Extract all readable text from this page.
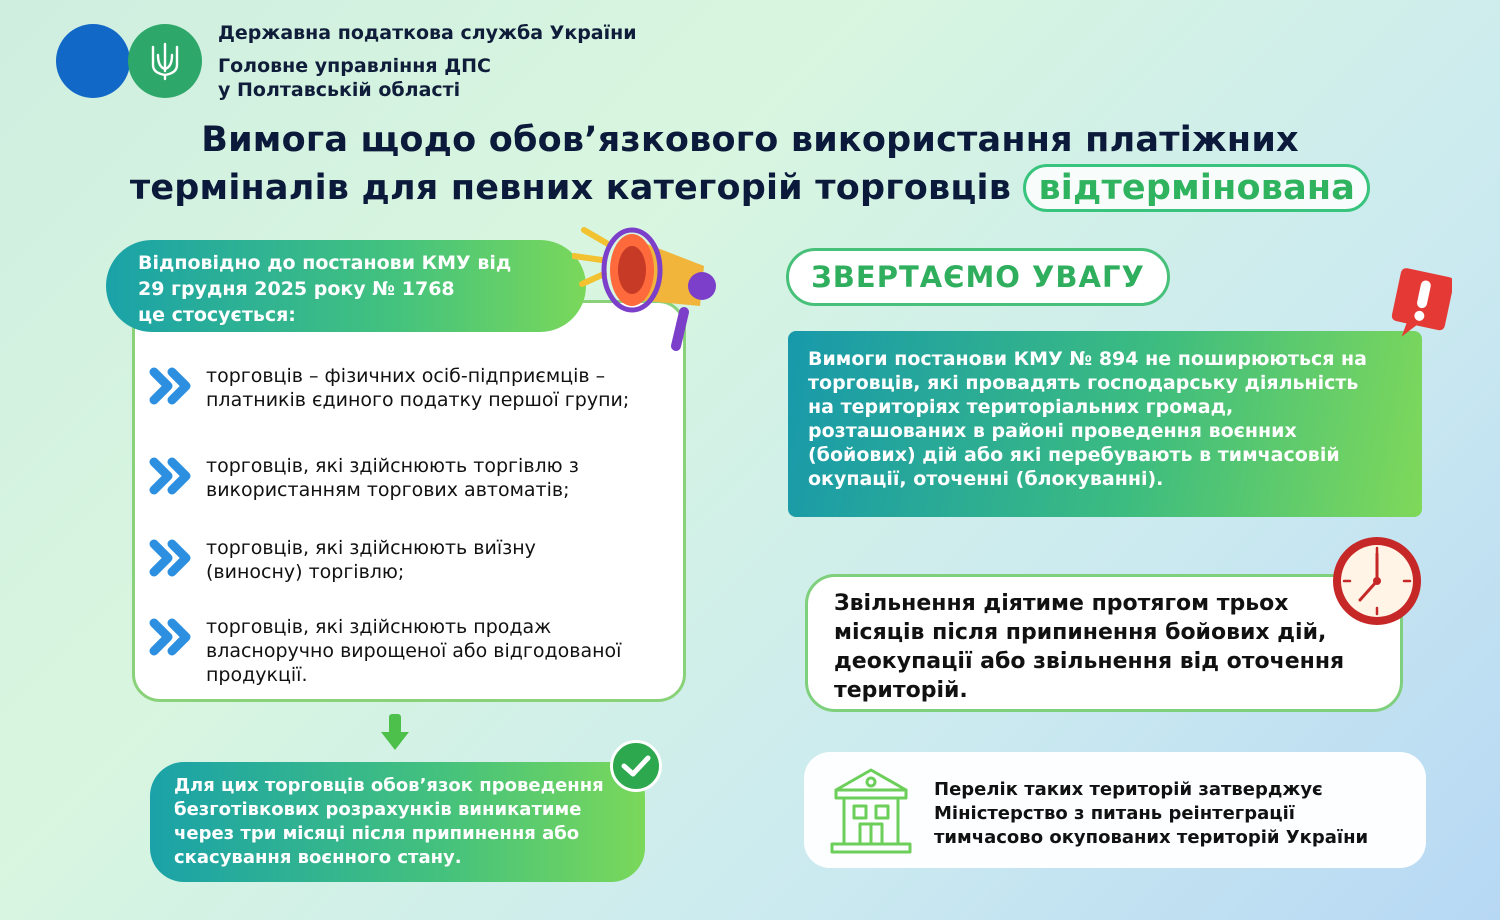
Державна податкова служба України
Головне управління ДПС
у Полтавській області
Вимога щодо обов’язкового використання платіжних
терміналів для певних категорій торговців відтермінована
Відповідно до постанови КМУ від
29 грудня 2025 року № 1768
це стосується:
торговців – фізичних осіб-підприємців –
платників єдиного податку першої групи;
торговців, які здійснюють торгівлю з
використанням торгових автоматів;
торговців, які здійснюють виїзну
(виносну) торгівлю;
торговців, які здійснюють продаж
власноручно вирощеної або відгодованої
продукції.
Для цих торговців обов’язок проведення
безготівкових розрахунків виникатиме
через три місяці після припинення або
скасування воєнного стану.
ЗВЕРТАЄМО УВАГУ
Вимоги постанови КМУ № 894 не поширюються на
торговців, які провадять господарську діяльність
на територіях територіальних громад,
розташованих в районі проведення воєнних
(бойових) дій або які перебувають в тимчасовій
окупації, оточенні (блокуванні).
Звільнення діятиме протягом трьох
місяців після припинення бойових дій,
деокупації або звільнення від оточення
територій.
Перелік таких територій затверджує
Міністерство з питань реінтеграції
тимчасово окупованих територій України
